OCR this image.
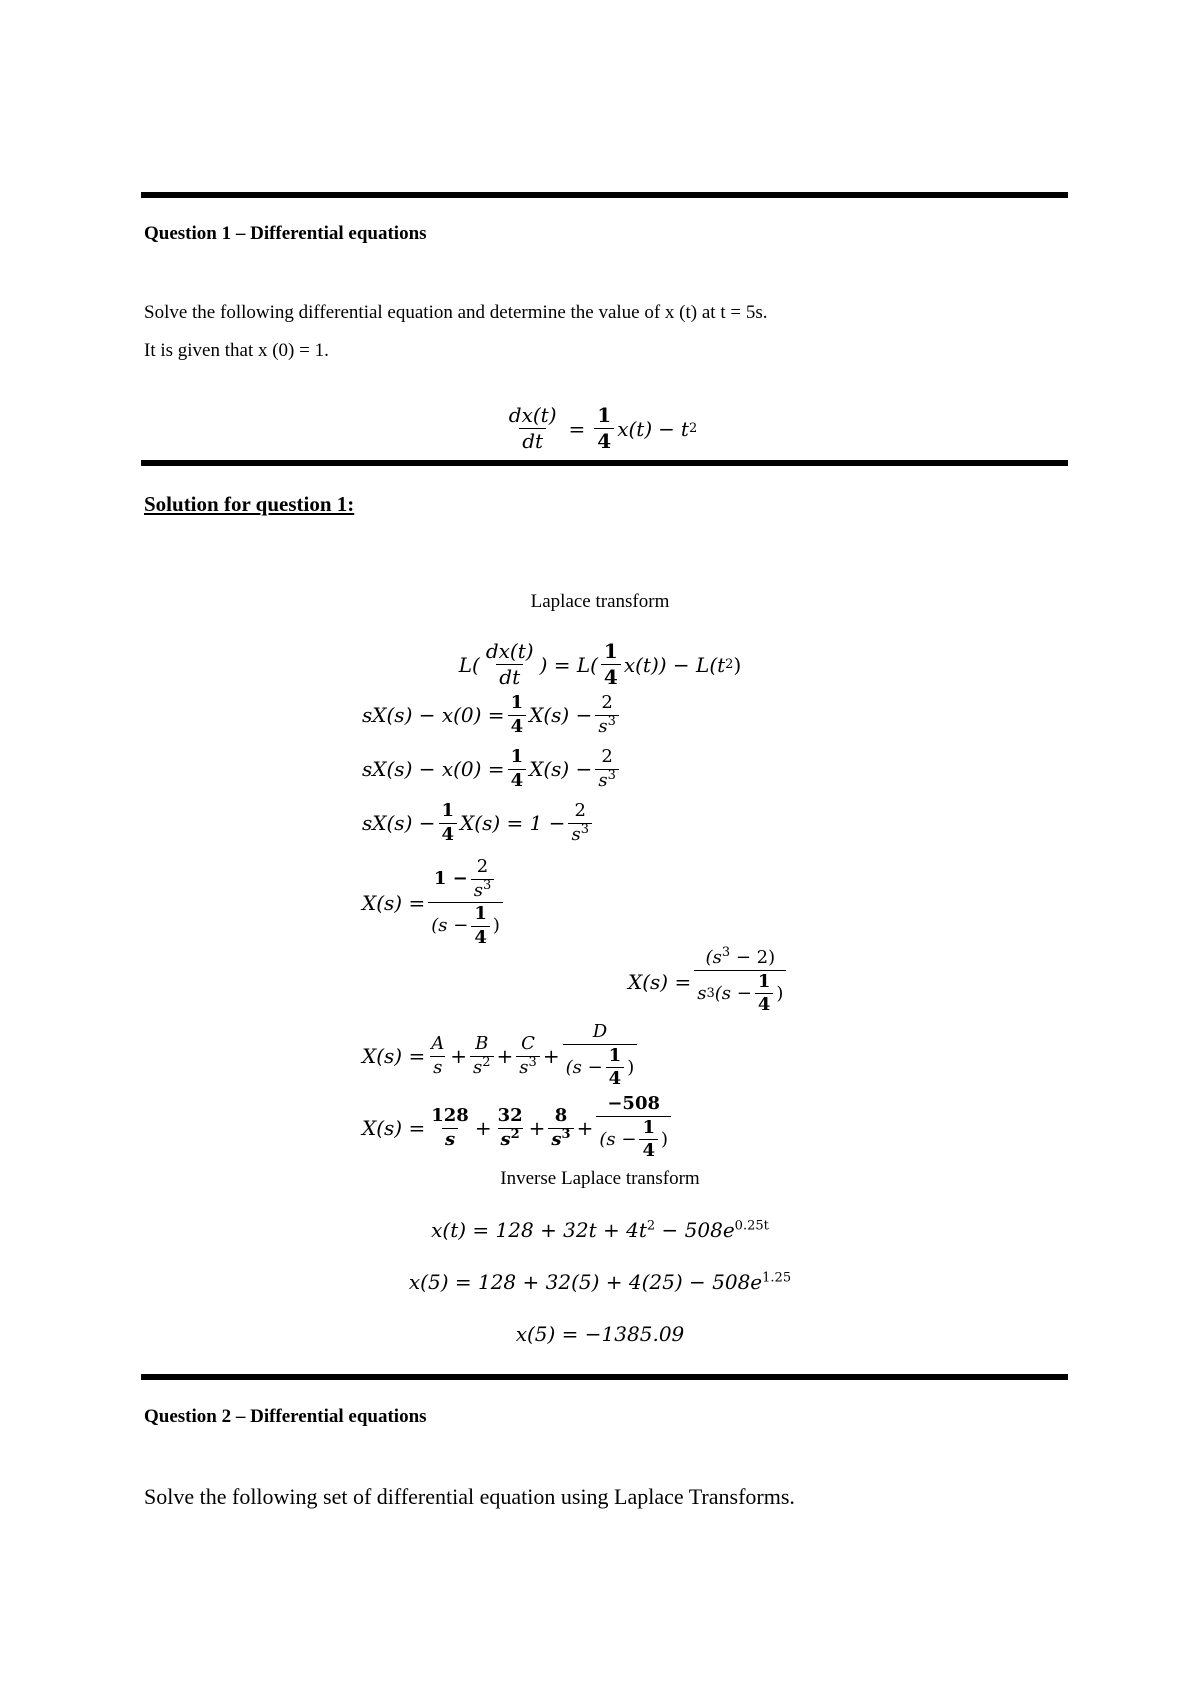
Question 1 – Differential equations
Solve the following differential equation and determine the value of x (t) at t = 5s.
It is given that x (0) = 1.
$\frac{dx(t)}{dt} = \frac{1}{4} x(t) - t$ 2
Solution for question 1:
Laplace transform
$L( \frac{dx(t)}{dt}$ ) = $L( \frac{1}{4} x(t)) - L(t$ 2 )
$sX(s) - x(0) = \frac{1}{4} X(s) - \frac{2}{s^3}$
$sX(s) - x(0) = \frac{1}{4} X(s) - \frac{2}{s^3}$
$sX(s) - \frac{1}{4} X(s) = 1 - \frac{2}{s^3}$
$X(s) = \frac{1 - \frac{2}{s^3}}{(s - \frac{1}{4} )}$
$X(s) = \frac{(s^3 - 2)}{s 3 (s - \frac{1}{4} )}$
$X(s) = \frac{A}{s} + \frac{B}{s^2} + \frac{C}{s^3} + \frac{D}{(s - \frac{1}{4} )}$
$X(s) = \frac{128}{s} + \frac{32}{s^2} + \frac{8}{s^3} + \frac{-508}{(s - \frac{1}{4} )}$
Inverse Laplace transform
$x(t) = 128 + 32t + 4t^2 - 508e^{0.25t}$
$x(5) = 128 + 32(5) + 4(25) - 508e^{1.25}$
x(5) = −1385.09
Question 2 – Differential equations
Solve the following set of differential equation using Laplace Transforms.
